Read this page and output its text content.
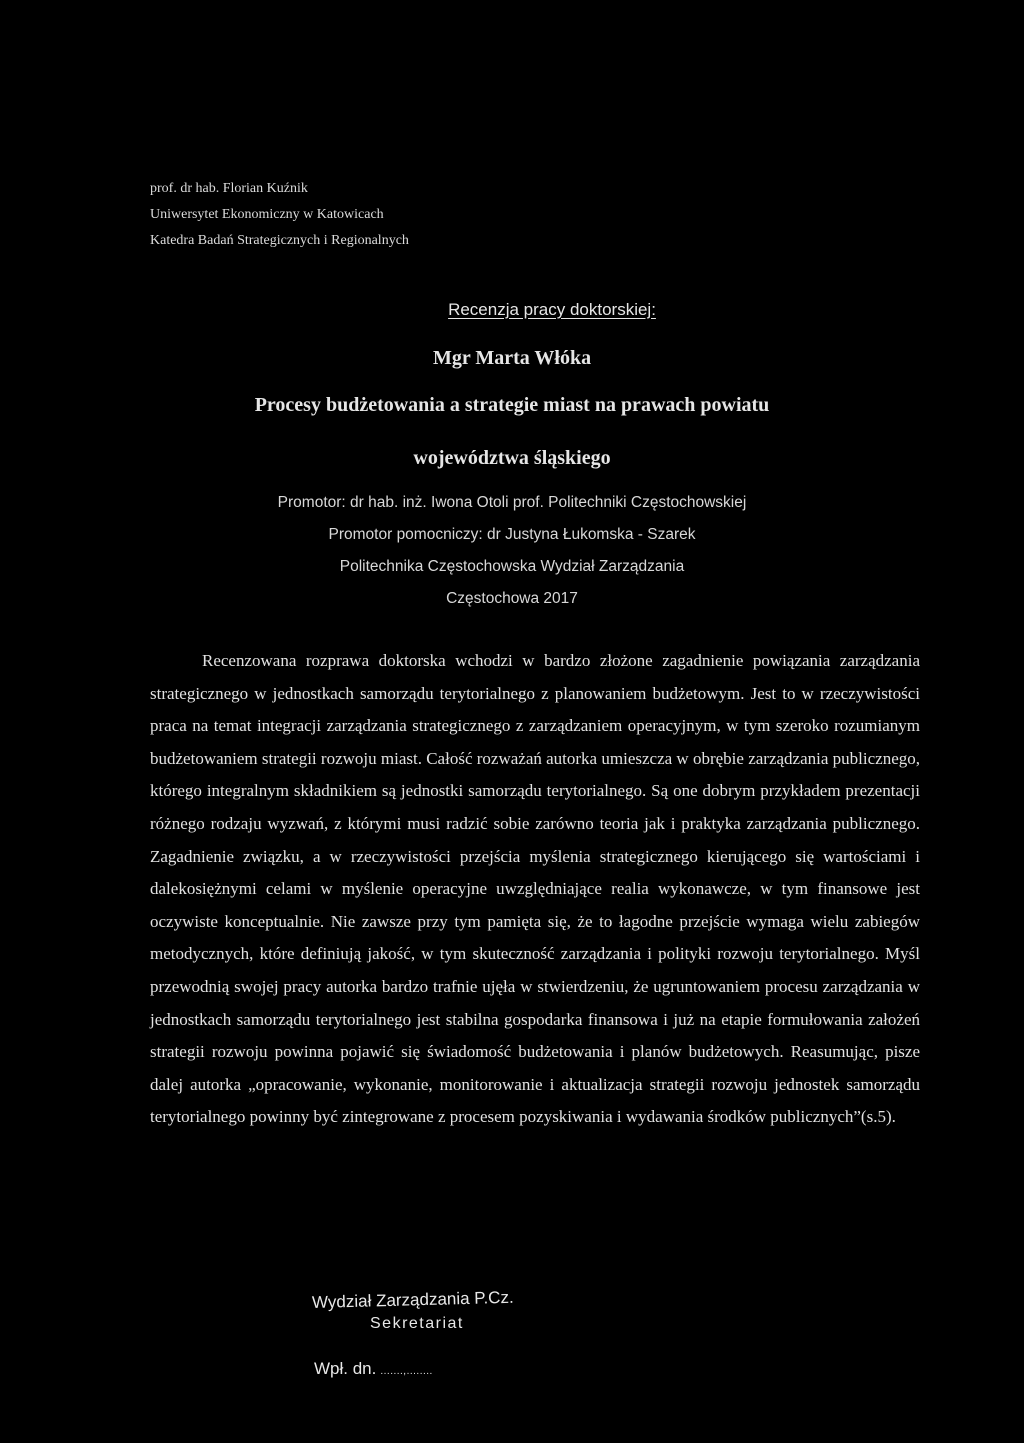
prof. dr hab. Florian Kuźnik
Uniwersytet Ekonomiczny w Katowicach
Katedra Badań Strategicznych i Regionalnych
Recenzja pracy doktorskiej:
Mgr Marta Włóka
Procesy budżetowania a strategie miast na prawach powiatu
województwa śląskiego
Promotor: dr hab. inż. Iwona Otoli prof. Politechniki Częstochowskiej
Promotor pomocniczy: dr Justyna Łukomska - Szarek
Politechnika Częstochowska Wydział Zarządzania
Częstochowa 2017
Recenzowana rozprawa doktorska wchodzi w bardzo złożone zagadnienie powiązania zarządzania strategicznego w jednostkach samorządu terytorialnego z planowaniem budżetowym. Jest to w rzeczywistości praca na temat integracji zarządzania strategicznego z zarządzaniem operacyjnym, w tym szeroko rozumianym budżetowaniem strategii rozwoju miast. Całość rozważań autorka umieszcza w obrębie zarządzania publicznego, którego integralnym składnikiem są jednostki samorządu terytorialnego. Są one dobrym przykładem prezentacji różnego rodzaju wyzwań, z którymi musi radzić sobie zarówno teoria jak i praktyka zarządzania publicznego. Zagadnienie związku, a w rzeczywistości przejścia myślenia strategicznego kierującego się wartościami i dalekosiężnymi celami w myślenie operacyjne uwzględniające realia wykonawcze, w tym finansowe jest oczywiste konceptualnie. Nie zawsze przy tym pamięta się, że to łagodne przejście wymaga wielu zabiegów metodycznych, które definiują jakość, w tym skuteczność zarządzania i polityki rozwoju terytorialnego. Myśl przewodnią swojej pracy autorka bardzo trafnie ujęła w stwierdzeniu, że ugruntowaniem procesu zarządzania w jednostkach samorządu terytorialnego jest stabilna gospodarka finansowa i już na etapie formułowania założeń strategii rozwoju powinna pojawić się świadomość budżetowania i planów budżetowych. Reasumując, pisze dalej autorka „opracowanie, wykonanie, monitorowanie i aktualizacja strategii rozwoju jednostek samorządu terytorialnego powinny być zintegrowane z procesem pozyskiwania i wydawania środków publicznych”(s.5).
Wydział Zarządzania P.Cz.
Sekretariat
Wpł. dn. .......,........
